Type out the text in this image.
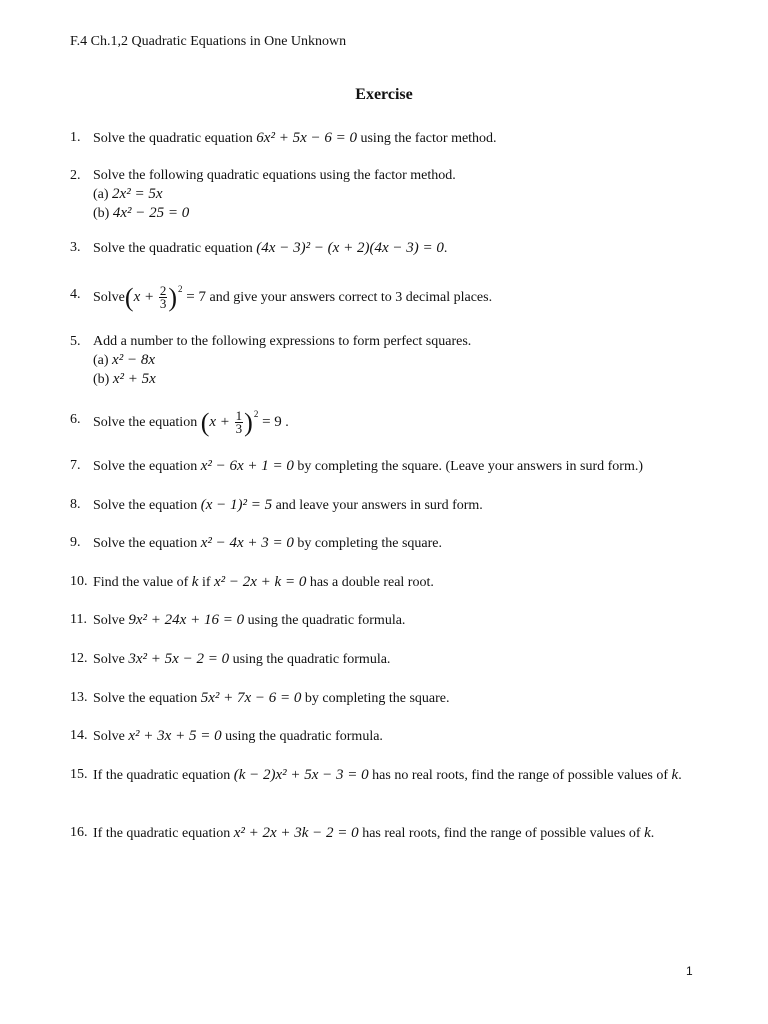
F.4 Ch.1,2 Quadratic Equations in One Unknown
Exercise
1. Solve the quadratic equation 6x² + 5x − 6 = 0 using the factor method.
2. Solve the following quadratic equations using the factor method.
(a) 2x² = 5x
(b) 4x² − 25 = 0
3. Solve the quadratic equation (4x − 3)² − (x + 2)(4x − 3) = 0.
4. Solve(x + $\frac{2}{3} )^2 = 7$ and give your answers correct to 3 decimal places.
5. Add a number to the following expressions to form perfect squares.
(a) x² − 8x
(b) x² + 5x
6. Solve the equation $(x + \frac{1}{3} )^2 = 9$ .
7. Solve the equation x² − 6x + 1 = 0 by completing the square. (Leave your answers in surd form.)
8. Solve the equation (x − 1)² = 5 and leave your answers in surd form.
9. Solve the equation x² − 4x + 3 = 0 by completing the square.
10. Find the value of k if x² − 2x + k = 0 has a double real root.
11. Solve 9x² + 24x + 16 = 0 using the quadratic formula.
12. Solve 3x² + 5x − 2 = 0 using the quadratic formula.
13. Solve the equation 5x² + 7x − 6 = 0 by completing the square.
14. Solve x² + 3x + 5 = 0 using the quadratic formula.
15. If the quadratic equation (k − 2)x² + 5x − 3 = 0 has no real roots, find the range of possible values of k.
16. If the quadratic equation x² + 2x + 3k − 2 = 0 has real roots, find the range of possible values of k.
1
